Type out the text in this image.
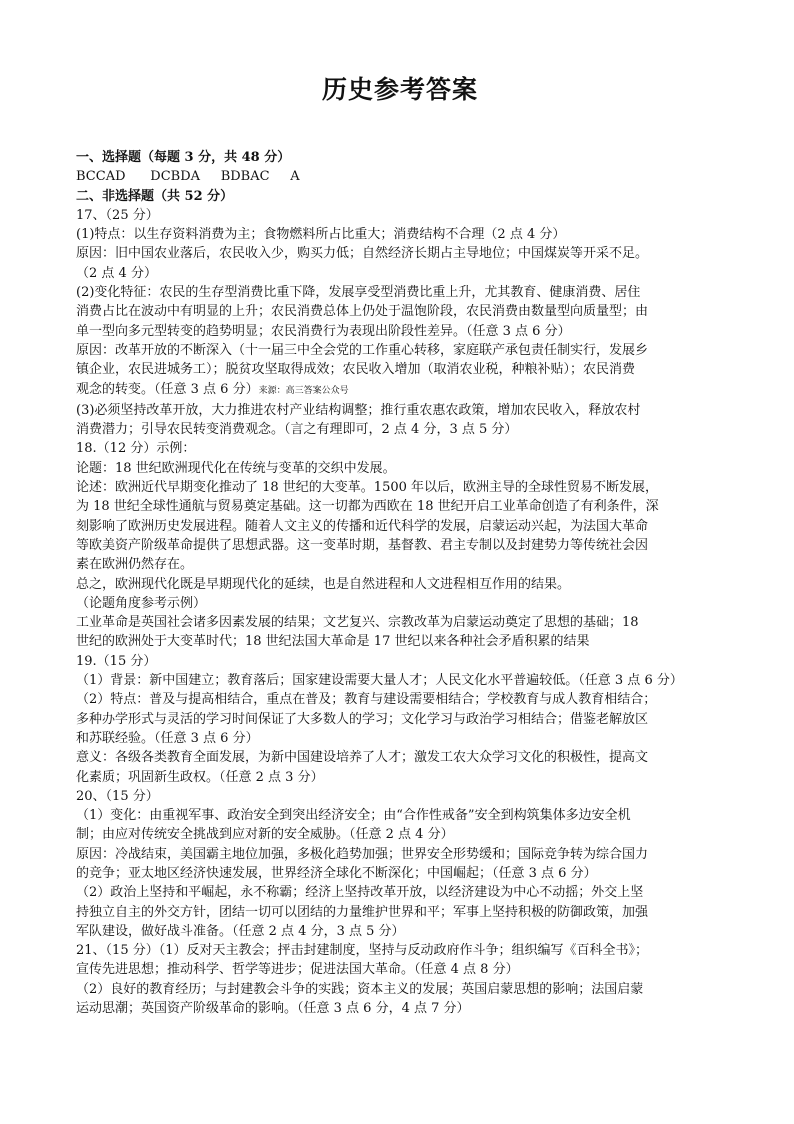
历史参考答案

一、选择题（每题 3 分，共 48 分）

BCCAD      DCBDA     BDBAC     A

二、非选择题（共 52 分）

17、（25 分）

(1)特点：以生存资料消费为主；食物燃料所占比重大；消费结构不合理（2 点 4 分）

原因：旧中国农业落后，农民收入少，购买力低；自然经济长期占主导地位；中国煤炭等开采不足。

（2 点 4 分）

(2)变化特征：农民的生存型消费比重下降，发展享受型消费比重上升，尤其教育、健康消费、居住

消费占比在波动中有明显的上升；农民消费总体上仍处于温饱阶段，农民消费由数量型向质量型；由

单一型向多元型转变的趋势明显；农民消费行为表现出阶段性差异。（任意 3 点 6 分）

原因：改革开放的不断深入（十一届三中全会党的工作重心转移，家庭联产承包责任制实行，发展乡

镇企业，农民进城务工）；脱贫攻坚取得成效；农民收入增加（取消农业税，种粮补贴）；农民消费

观念的转变。（任意 3 点 6 分）来源：高三答案公众号

(3)必须坚持改革开放，大力推进农村产业结构调整；推行重农惠农政策，增加农民收入，释放农村

消费潜力；引导农民转变消费观念。（言之有理即可，2 点 4 分，3 点 5 分）

18.（12 分）示例：

论题：18 世纪欧洲现代化在传统与变革的交织中发展。

论述：欧洲近代早期变化推动了 18 世纪的大变革。1500 年以后，欧洲主导的全球性贸易不断发展，

为 18 世纪全球性通航与贸易奠定基础。这一切都为西欧在 18 世纪开启工业革命创造了有利条件，深

刻影响了欧洲历史发展进程。随着人文主义的传播和近代科学的发展，启蒙运动兴起，为法国大革命

等欧美资产阶级革命提供了思想武器。这一变革时期，基督教、君主专制以及封建势力等传统社会因

素在欧洲仍然存在。

总之，欧洲现代化既是早期现代化的延续，也是自然进程和人文进程相互作用的结果。

（论题角度参考示例）

工业革命是英国社会诸多因素发展的结果；文艺复兴、宗教改革为启蒙运动奠定了思想的基础；18

世纪的欧洲处于大变革时代；18 世纪法国大革命是 17 世纪以来各种社会矛盾积累的结果

19.（15 分）

（1）背景：新中国建立；教育落后；国家建设需要大量人才；人民文化水平普遍较低。（任意 3 点 6 分）

（2）特点：普及与提高相结合，重点在普及；教育与建设需要相结合；学校教育与成人教育相结合；

多种办学形式与灵活的学习时间保证了大多数人的学习；文化学习与政治学习相结合；借鉴老解放区

和苏联经验。（任意 3 点 6 分）

意义：各级各类教育全面发展，为新中国建设培养了人才；激发工农大众学习文化的积极性，提高文

化素质；巩固新生政权。（任意 2 点 3 分）

20、（15 分）

（1）变化：由重视军事、政治安全到突出经济安全；由“合作性戒备”安全到构筑集体多边安全机

制；由应对传统安全挑战到应对新的安全威胁。（任意 2 点 4 分）

原因：冷战结束，美国霸主地位加强，多极化趋势加强；世界安全形势缓和；国际竞争转为综合国力

的竞争；亚太地区经济快速发展，世界经济全球化不断深化；中国崛起；（任意 3 点 6 分）

（2）政治上坚持和平崛起，永不称霸；经济上坚持改革开放，以经济建设为中心不动摇；外交上坚

持独立自主的外交方针，团结一切可以团结的力量维护世界和平；军事上坚持积极的防御政策，加强

军队建设，做好战斗准备。（任意 2 点 4 分，3 点 5 分）

21、（15 分）（1）反对天主教会；抨击封建制度，坚持与反动政府作斗争；组织编写《百科全书》；

宣传先进思想；推动科学、哲学等进步；促进法国大革命。（任意 4 点 8 分）

（2）良好的教育经历；与封建教会斗争的实践；资本主义的发展；英国启蒙思想的影响；法国启蒙

运动思潮；英国资产阶级革命的影响。（任意 3 点 6 分，4 点 7 分）
